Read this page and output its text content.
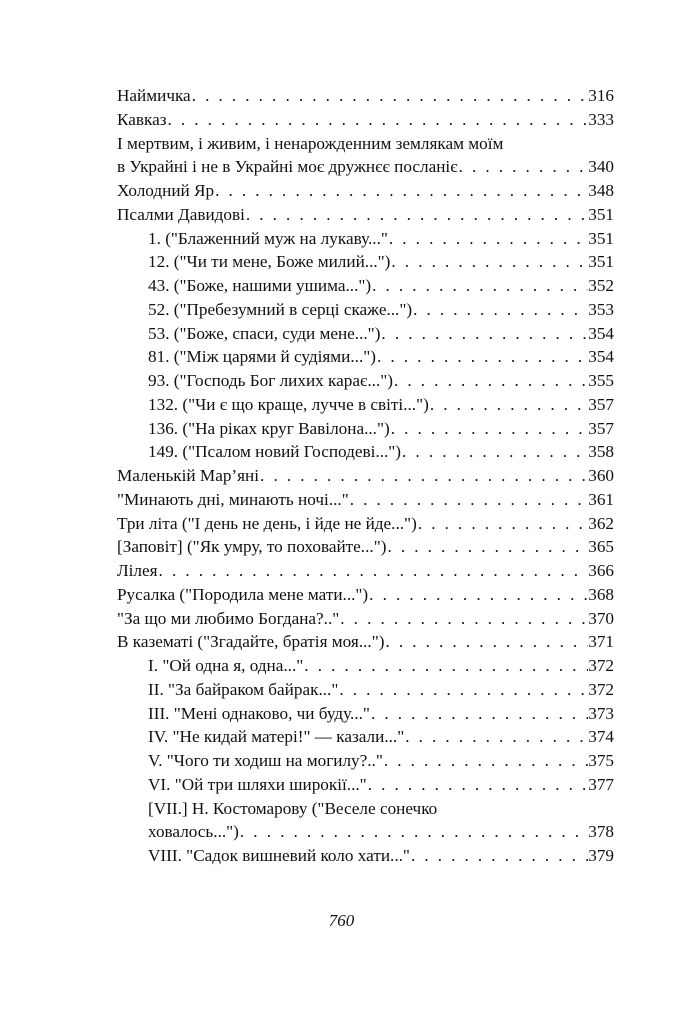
Наймичка . . .	316
Кавказ . . .	333
І мертвим, і живим, і ненарожденним землякам моїм
в Украйні і не в Украйні моє дружнєє посланіє . . .	340
Холодний Яр . . .	348
Псалми Давидові . . .	351
1. ("Блаженний муж на лукаву..." . . .	351
12. ("Чи ти мене, Боже милий...") . . .	351
43. ("Боже, нашими ушима...") . . .	352
52. ("Пребезумний в серці скаже...") . . .	353
53. ("Боже, спаси, суди мене...") . . .	354
81. ("Між царями й судіями...") . . .	354
93. ("Господь Бог лихих карає...") . . .	355
132. ("Чи є що краще, лучче в світі...") . . .	357
136. ("На ріках круг Вавілона...") . . .	357
149. ("Псалом новий Господеві...") . . .	358
Маленькій Мар’яні . . .	360
"Минають дні, минають ночі..." . . .	361
Три літа ("І день не день, і йде не йде...") . . .	362
[Заповіт] ("Як умру, то поховайте...") . . .	365
Лілея . . .	366
Русалка ("Породила мене мати...") . . .	368
"За що ми любимо Богдана?.." . . .	370
В казематі ("Згадайте, братія моя...") . . .	371
І. "Ой одна я, одна..." . . .	372
II. "За байраком байрак..." . . .	372
III. "Мені однаково, чи буду..." . . .	373
IV. "Не кидай матері!" — казали..." . . .	374
V. "Чого ти ходиш на могилу?.." . . .	375
VI. "Ой три шляхи широкії..." . . .	377
[VII.] Н. Костомарову ("Веселе сонечко
ховалось...") . . .	378
VIII. "Садок вишневий коло хати..." . . .	379
760
